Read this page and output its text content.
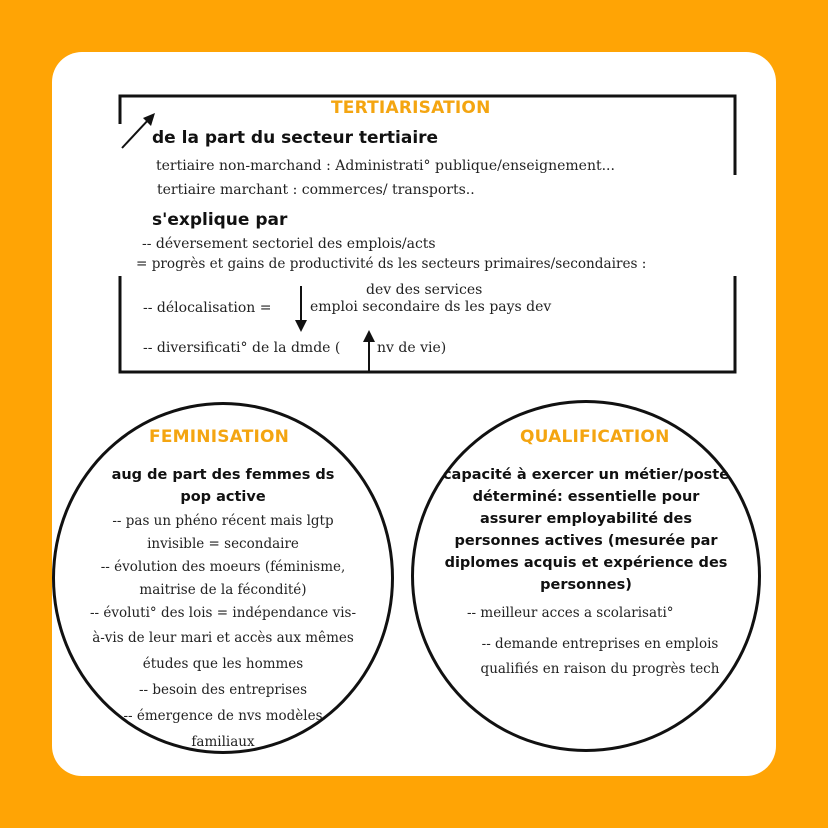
TERTIARISATION
de la part du secteur tertiaire
tertiaire non-marchand : Administrati° publique/enseignement...
tertiaire marchant : commerces/ transports..
s'explique par
-- déversement sectoriel des emplois/acts
= progrès et gains de productivité ds les secteurs primaires/secondaires :
dev des services
-- délocalisation =	emploi secondaire ds les pays dev
-- diversificati° de la dmde (	nv de vie)
FEMINISATION
aug de part des femmes ds
pop active
-- pas un phéno récent mais lgtp
invisible = secondaire
-- évolution des moeurs (féminisme,
maitrise de la fécondité)
-- évoluti° des lois = indépendance vis-
à-vis de leur mari et accès aux mêmes
études que les hommes
-- besoin des entreprises
-- émergence de nvs modèles
familiaux
QUALIFICATION
capacité à exercer un métier/poste
déterminé: essentielle pour
assurer employabilité des
personnes actives (mesurée par
diplomes acquis et expérience des
personnes)
-- meilleur acces a scolarisati°
-- demande entreprises en emplois
qualifiés en raison du progrès tech
